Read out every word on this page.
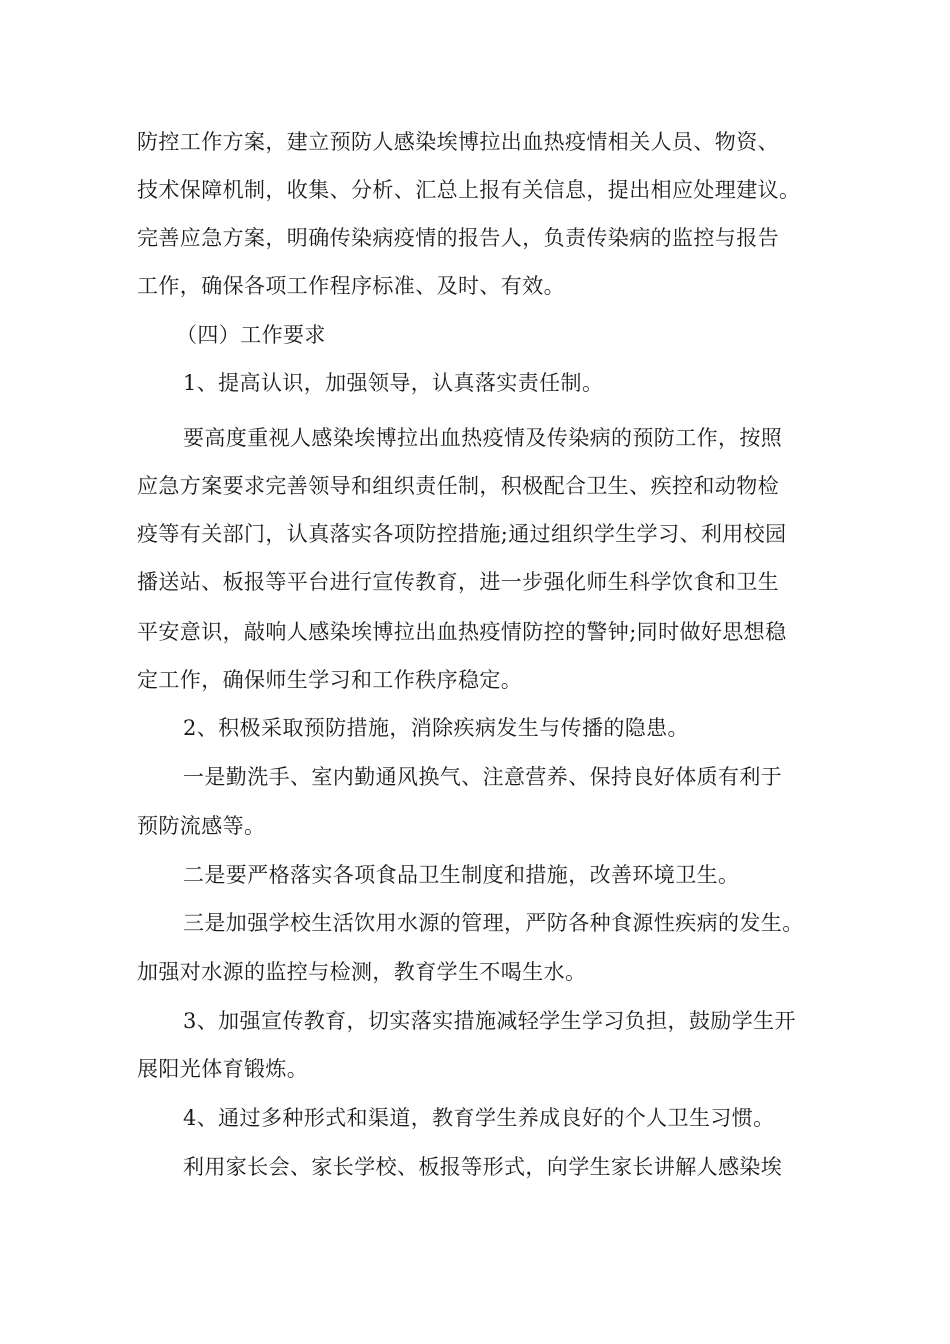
防控工作方案，建立预防人感染埃博拉出血热疫情相关人员、物资、
技术保障机制，收集、分析、汇总上报有关信息，提出相应处理建议。
完善应急方案，明确传染病疫情的报告人，负责传染病的监控与报告
工作，确保各项工作程序标准、及时、有效。
（四）工作要求
1、提高认识，加强领导，认真落实责任制。
要高度重视人感染埃博拉出血热疫情及传染病的预防工作，按照
应急方案要求完善领导和组织责任制，积极配合卫生、疾控和动物检
疫等有关部门，认真落实各项防控措施;通过组织学生学习、利用校园
播送站、板报等平台进行宣传教育，进一步强化师生科学饮食和卫生
平安意识，敲响人感染埃博拉出血热疫情防控的警钟;同时做好思想稳
定工作，确保师生学习和工作秩序稳定。
2、积极采取预防措施，消除疾病发生与传播的隐患。
一是勤洗手、室内勤通风换气、注意营养、保持良好体质有利于
预防流感等。
二是要严格落实各项食品卫生制度和措施，改善环境卫生。
三是加强学校生活饮用水源的管理，严防各种食源性疾病的发生。
加强对水源的监控与检测，教育学生不喝生水。
3、加强宣传教育，切实落实措施减轻学生学习负担，鼓励学生开
展阳光体育锻炼。
4、通过多种形式和渠道，教育学生养成良好的个人卫生习惯。
利用家长会、家长学校、板报等形式，向学生家长讲解人感染埃
